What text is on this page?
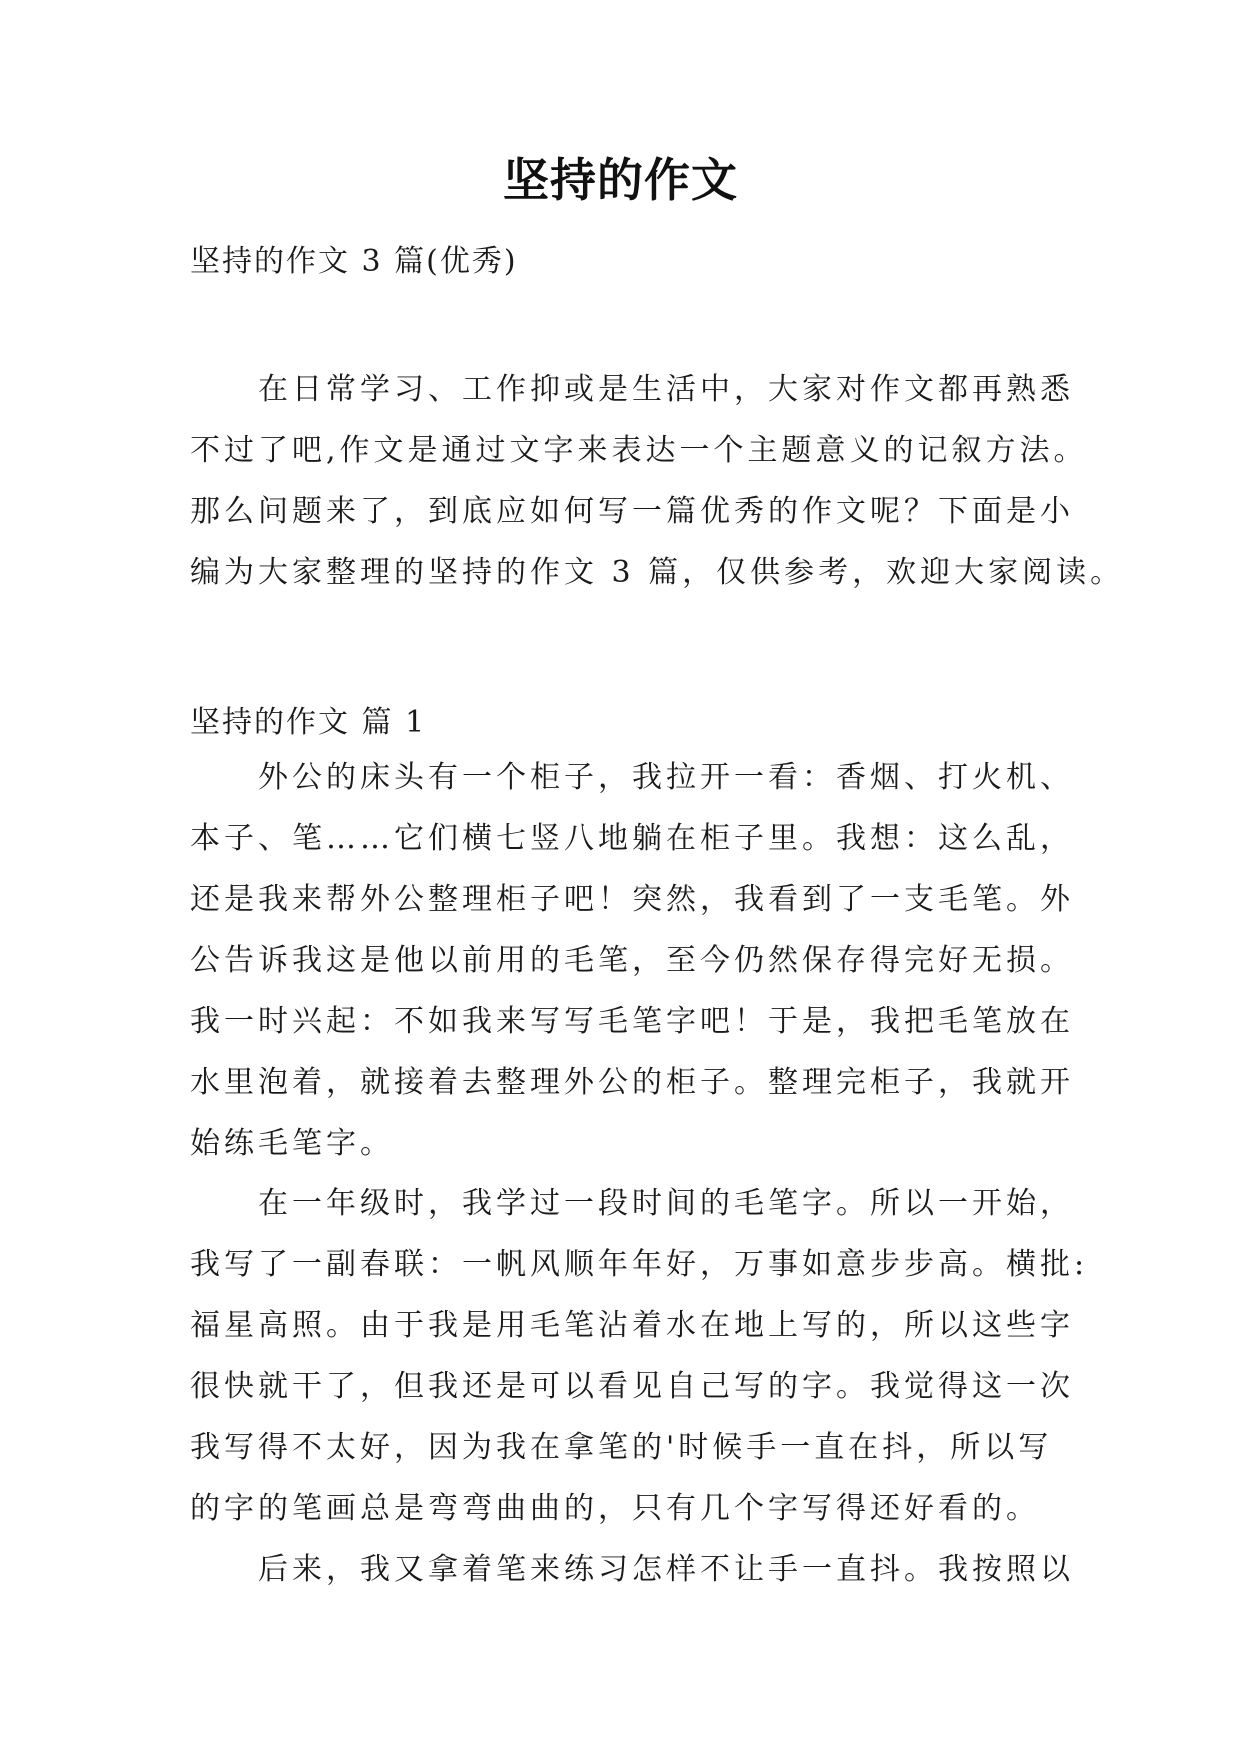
坚持的作文
坚持的作文 3 篇(优秀)
在日常学习、工作抑或是生活中，大家对作文都再熟悉
不过了吧,作文是通过文字来表达一个主题意义的记叙方法。
那么问题来了，到底应如何写一篇优秀的作文呢？下面是小
编为大家整理的坚持的作文 3 篇，仅供参考，欢迎大家阅读。
坚持的作文 篇 1
外公的床头有一个柜子，我拉开一看：香烟、打火机、
本子、笔……它们横七竖八地躺在柜子里。我想：这么乱，
还是我来帮外公整理柜子吧！突然，我看到了一支毛笔。外
公告诉我这是他以前用的毛笔，至今仍然保存得完好无损。
我一时兴起：不如我来写写毛笔字吧！于是，我把毛笔放在
水里泡着，就接着去整理外公的柜子。整理完柜子，我就开
始练毛笔字。
在一年级时，我学过一段时间的毛笔字。所以一开始，
我写了一副春联：一帆风顺年年好，万事如意步步高。横批:
福星高照。由于我是用毛笔沾着水在地上写的，所以这些字
很快就干了，但我还是可以看见自己写的字。我觉得这一次
我写得不太好，因为我在拿笔的'时候手一直在抖，所以写
的字的笔画总是弯弯曲曲的，只有几个字写得还好看的。
后来，我又拿着笔来练习怎样不让手一直抖。我按照以
